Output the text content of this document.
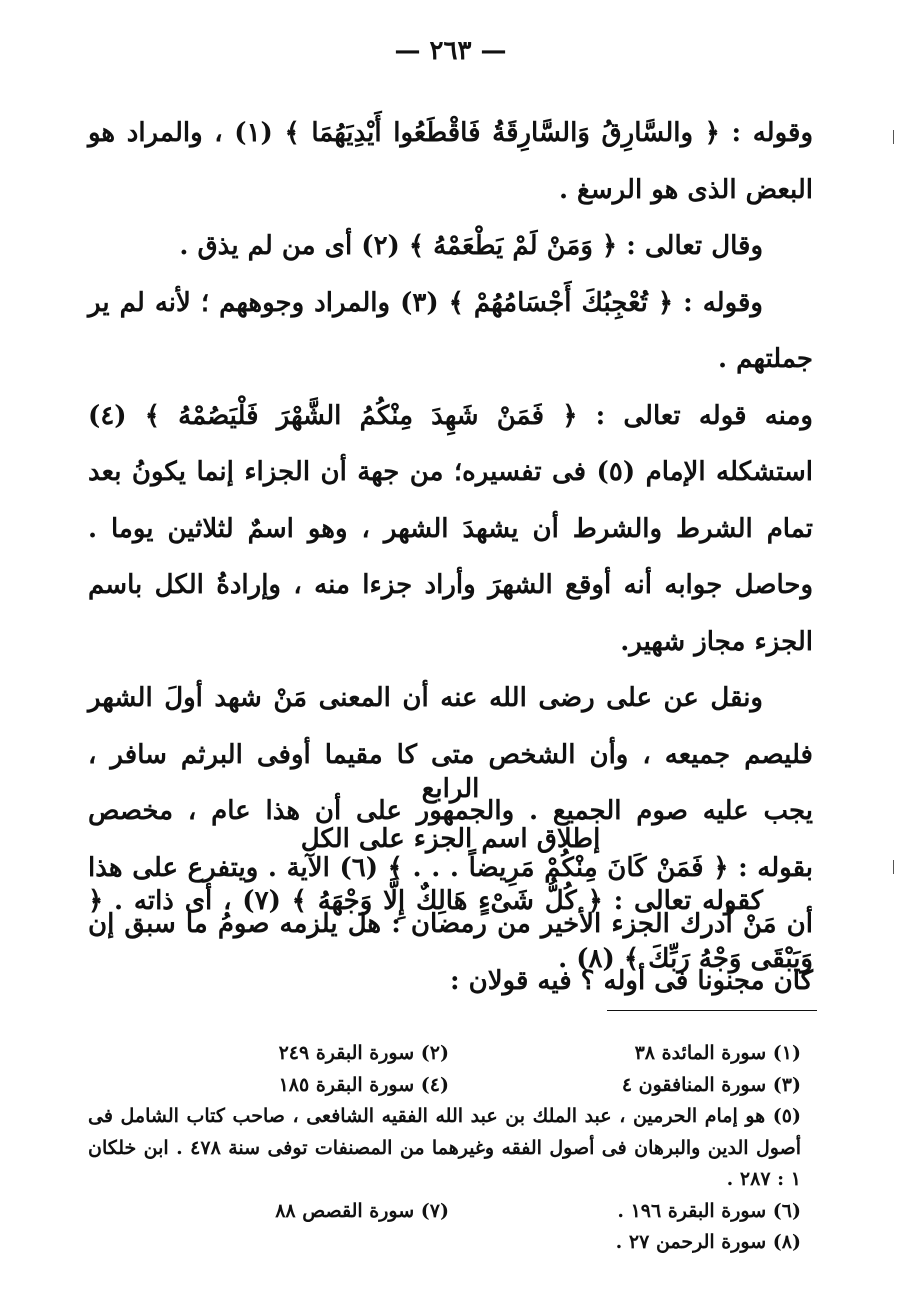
— ٢٦٣ —

وقوله : ﴿ والسَّارِقُ وَالسَّارِقَةُ فَاقْطَعُوا أَيْدِيَهُمَا ﴾ (١) ، والمراد هو البعض الذى هو الرسغ .

وقال تعالى : ﴿ وَمَنْ لَمْ يَطْعَمْهُ ﴾ (٢) أى من لم يذق .

وقوله : ﴿ تُعْجِبُكَ أَجْسَامُهُمْ ﴾ (٣) والمراد وجوههم ؛ لأنه لم ير جملتهم .

ومنه قوله تعالى : ﴿ فَمَنْ شَهِدَ مِنْكُمُ الشَّهْرَ فَلْيَصُمْهُ ﴾ (٤) استشكله الإمام (٥) فى تفسيره؛ من جهة أن الجزاء إنما يكونُ بعد تمام الشرط والشرط أن يشهدَ الشهر ، وهو اسمٌ لثلاثين يوما . وحاصل جوابه أنه أوقع الشهرَ وأراد جزءا منه ، وإرادةُ الكل باسم الجزء مجاز شهير.

ونقل عن على رضى الله عنه أن المعنى مَنْ شهد أولَ الشهر فليصم جميعه ، وأن الشخص متى كا مقيما أوفى البرثم سافر ، يجب عليه صوم الجميع . والجمهور على أن هذا عام ، مخصص بقوله : ﴿ فَمَنْ كَانَ مِنْكُمْ مَرِيضاً . . . ﴾ (٦) الآية . ويتفرع على هذا أن مَنْ أدرك الجزء الأخير من رمضان : هل يلزمه صومُ ما سبق إن كان مجنونا فى أوله ؟ فيه قولان :

الرابع
إطلاق اسم الجزء على الكل

كقوله تعالى : ﴿ كُلُّ شَىْءٍ هَالِكٌ إِلَّا وَجْهَهُ ﴾ (٧) ، أى ذاته . ﴿ وَيَبْقَى وَجْهُ رَبِّكَ ﴾ (٨) .

(١) سورة المائدة ٣٨
(٢) سورة البقرة ٢٤٩
(٣) سورة المنافقون ٤
(٤) سورة البقرة ١٨٥
(٥) هو إمام الحرمين ، عبد الملك بن عبد الله الفقيه الشافعى ، صاحب كتاب الشامل فى أصول الدين والبرهان فى أصول الفقه وغيرهما من المصنفات توفى سنة ٤٧٨ . ابن خلكان ١ : ٢٨٧ .
(٦) سورة البقرة ١٩٦ .
(٧) سورة القصص ٨٨
(٨) سورة الرحمن ٢٧ .
